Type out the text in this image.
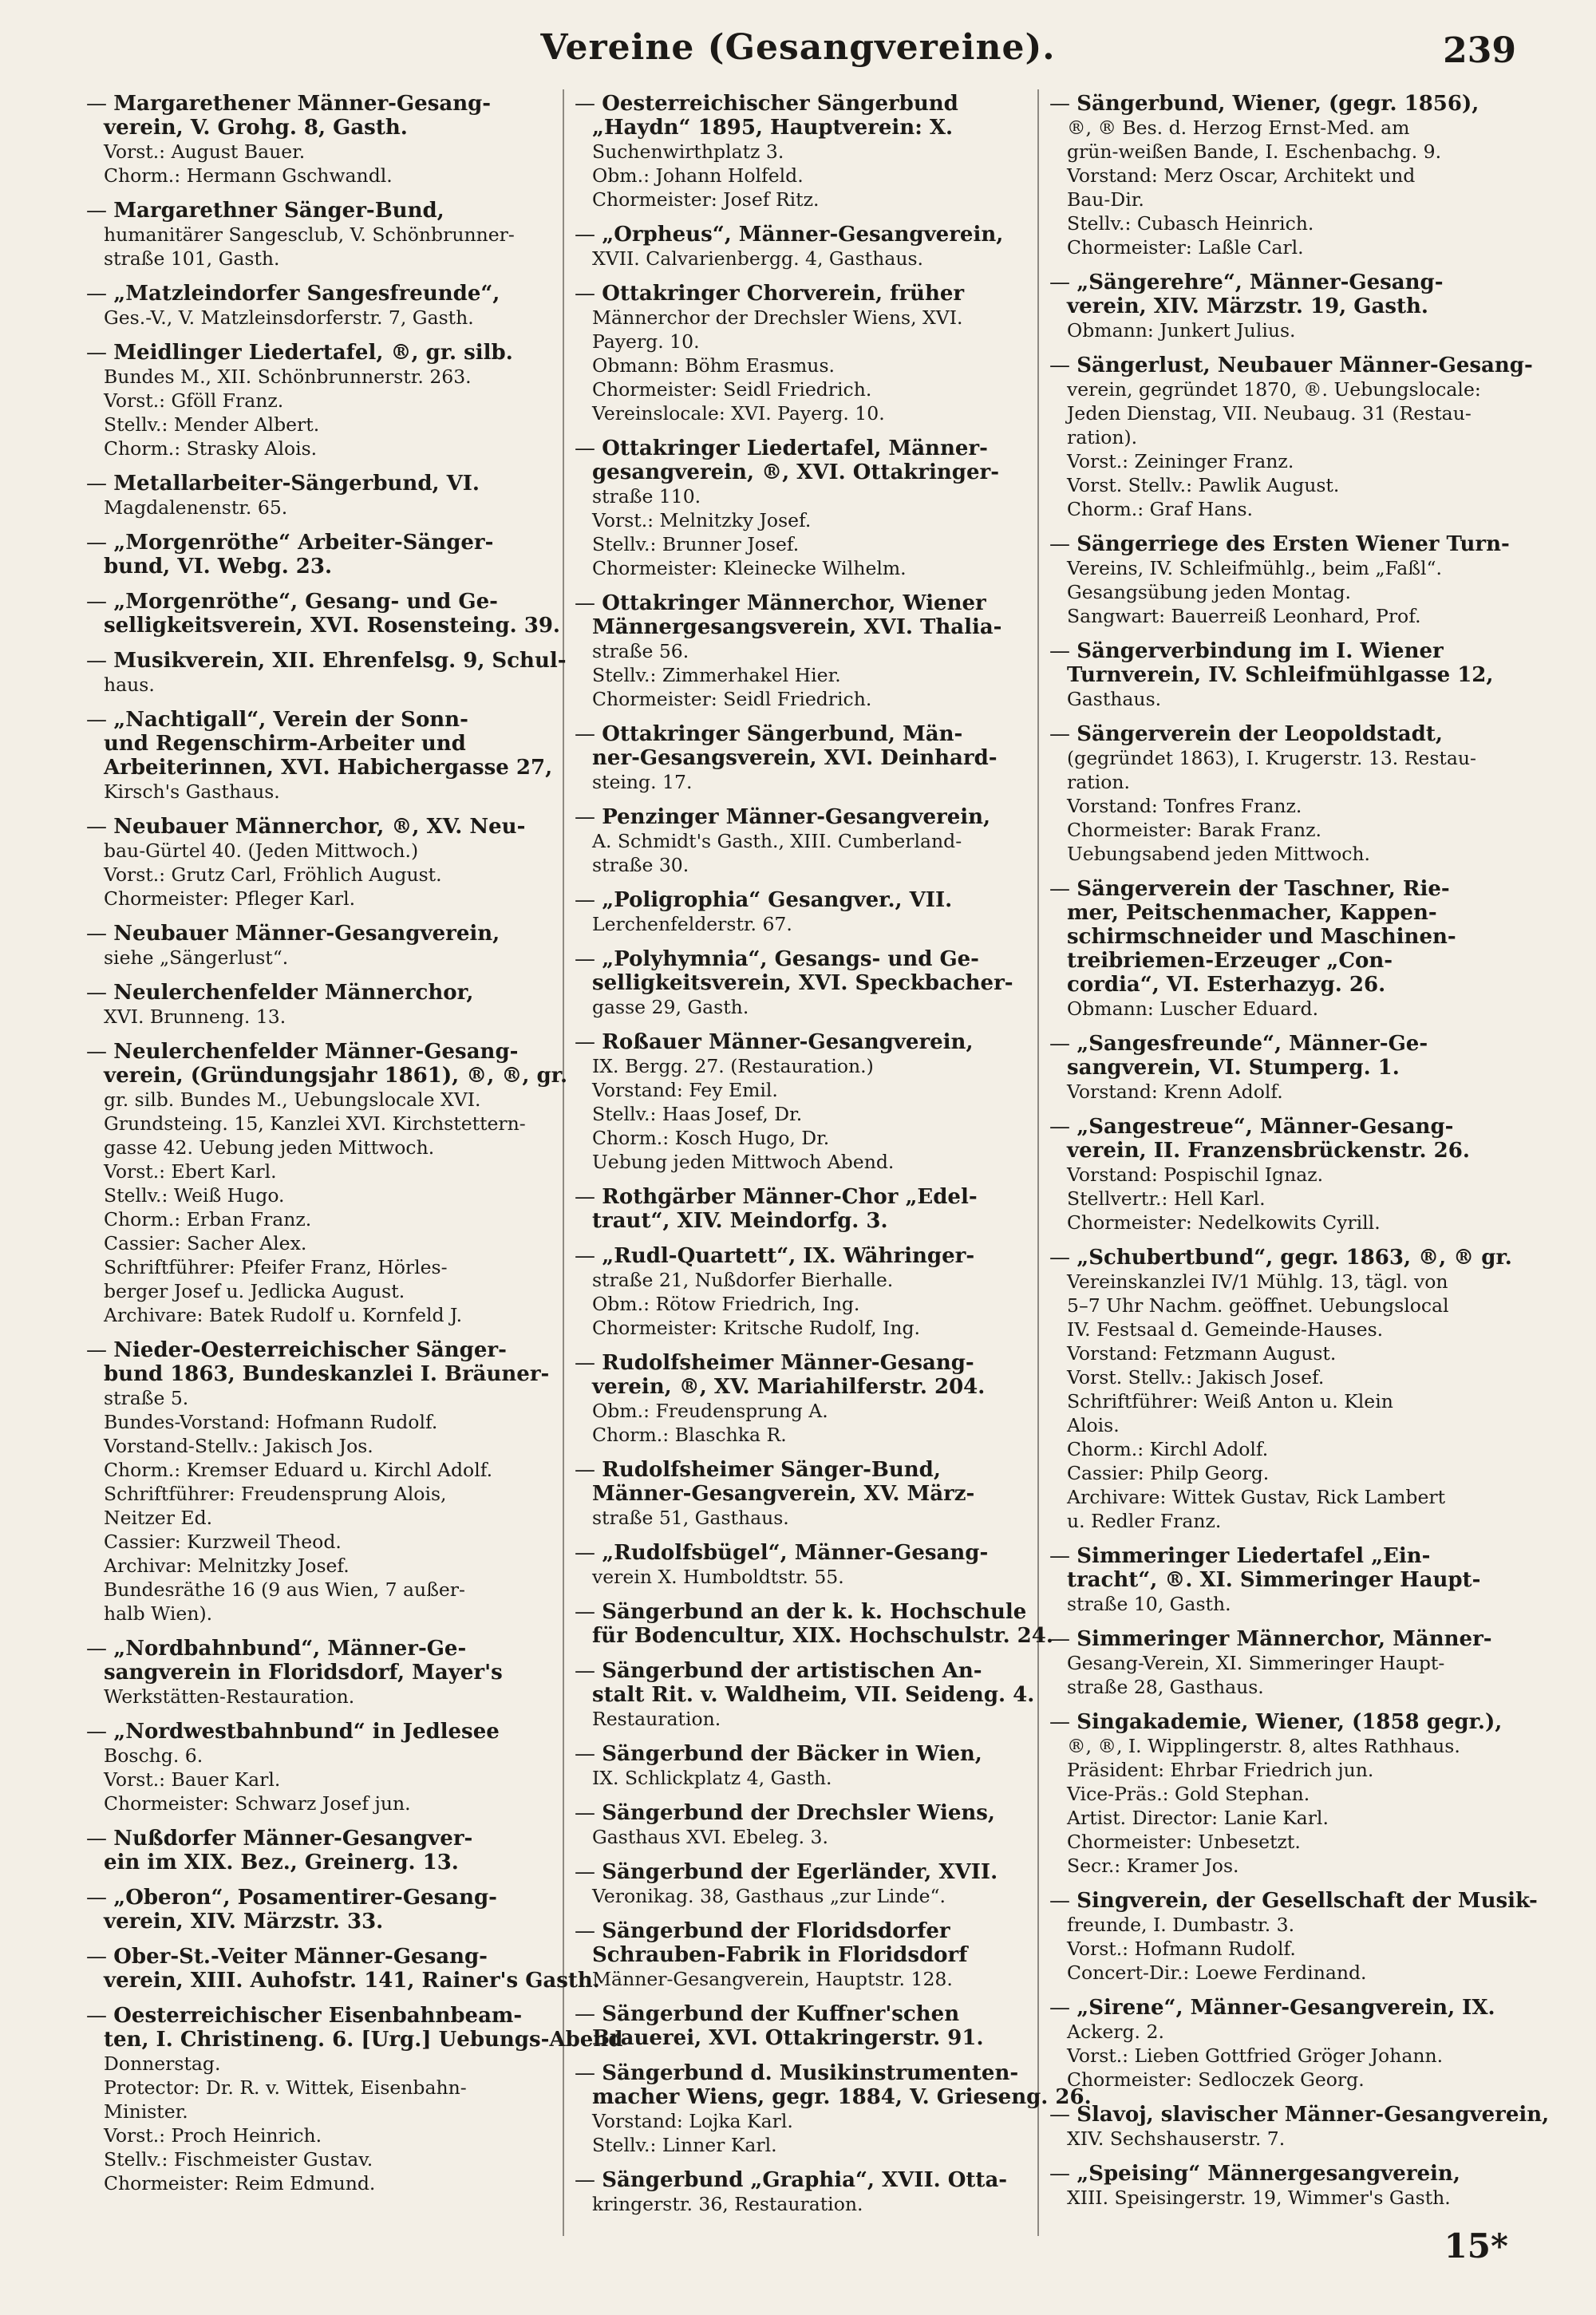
Vereine (Gesangvereine).	239
— Margarethener Männer-Gesang-
verein, V. Grohg. 8, Gasth.
Vorst.: August Bauer.
Chorm.: Hermann Gschwandl.
— Margarethner Sänger-Bund,
humanitärer Sangesclub, V. Schönbrunner-
straße 101, Gasth.
— „Matzleindorfer Sangesfreunde“,
Ges.-V., V. Matzleinsdorferstr. 7, Gasth.
— Meidlinger Liedertafel, ®, gr. silb.
Bundes M., XII. Schönbrunnerstr. 263.
Vorst.: Gföll Franz.
Stellv.: Mender Albert.
Chorm.: Strasky Alois.
— Metallarbeiter-Sängerbund, VI.
Magdalenenstr. 65.
— „Morgenröthe“ Arbeiter-Sänger-
bund, VI. Webg. 23.
— „Morgenröthe“, Gesang- und Ge-
selligkeitsverein, XVI. Rosensteing. 39.
— Musikverein, XII. Ehrenfelsg. 9, Schul-
haus.
— „Nachtigall“, Verein der Sonn-
und Regenschirm-Arbeiter und
Arbeiterinnen, XVI. Habichergasse 27,
Kirsch's Gasthaus.
— Neubauer Männerchor, ®, XV. Neu-
bau-Gürtel 40. (Jeden Mittwoch.)
Vorst.: Grutz Carl, Fröhlich August.
Chormeister: Pfleger Karl.
— Neubauer Männer-Gesangverein,
siehe „Sängerlust“.
— Neulerchenfelder Männerchor,
XVI. Brunneng. 13.
— Neulerchenfelder Männer-Gesang-
verein, (Gründungsjahr 1861), ®, ®, gr.
gr. silb. Bundes M., Uebungslocale XVI.
Grundsteing. 15, Kanzlei XVI. Kirchstettern-
gasse 42. Uebung jeden Mittwoch.
Vorst.: Ebert Karl.
Stellv.: Weiß Hugo.
Chorm.: Erban Franz.
Cassier: Sacher Alex.
Schriftführer: Pfeifer Franz, Hörles-
berger Josef u. Jedlicka August.
Archivare: Batek Rudolf u. Kornfeld J.
— Nieder-Oesterreichischer Sänger-
bund 1863, Bundeskanzlei I. Bräuner-
straße 5.
Bundes-Vorstand: Hofmann Rudolf.
Vorstand-Stellv.: Jakisch Jos.
Chorm.: Kremser Eduard u. Kirchl Adolf.
Schriftführer: Freudensprung Alois,
Neitzer Ed.
Cassier: Kurzweil Theod.
Archivar: Melnitzky Josef.
Bundesräthe 16 (9 aus Wien, 7 außer-
halb Wien).
— „Nordbahnbund“, Männer-Ge-
sangverein in Floridsdorf, Mayer's
Werkstätten-Restauration.
— „Nordwestbahnbund“ in Jedlesee
Boschg. 6.
Vorst.: Bauer Karl.
Chormeister: Schwarz Josef jun.
— Nußdorfer Männer-Gesangver-
ein im XIX. Bez., Greinerg. 13.
— „Oberon“, Posamentirer-Gesang-
verein, XIV. Märzstr. 33.
— Ober-St.-Veiter Männer-Gesang-
verein, XIII. Auhofstr. 141, Rainer's Gasth.
— Oesterreichischer Eisenbahnbeam-
ten, I. Christineng. 6. [Urg.] Uebungs-Abend
Donnerstag.
Protector: Dr. R. v. Wittek, Eisenbahn-
Minister.
Vorst.: Proch Heinrich.
Stellv.: Fischmeister Gustav.
Chormeister: Reim Edmund.
— Oesterreichischer Sängerbund
„Haydn“ 1895, Hauptverein: X.
Suchenwirthplatz 3.
Obm.: Johann Holfeld.
Chormeister: Josef Ritz.
— „Orpheus“, Männer-Gesangverein,
XVII. Calvarienbergg. 4, Gasthaus.
— Ottakringer Chorverein, früher
Männerchor der Drechsler Wiens, XVI.
Payerg. 10.
Obmann: Böhm Erasmus.
Chormeister: Seidl Friedrich.
Vereinslocale: XVI. Payerg. 10.
— Ottakringer Liedertafel, Männer-
gesangverein, ®, XVI. Ottakringer-
straße 110.
Vorst.: Melnitzky Josef.
Stellv.: Brunner Josef.
Chormeister: Kleinecke Wilhelm.
— Ottakringer Männerchor, Wiener
Männergesangsverein, XVI. Thalia-
straße 56.
Stellv.: Zimmerhakel Hier.
Chormeister: Seidl Friedrich.
— Ottakringer Sängerbund, Män-
ner-Gesangsverein, XVI. Deinhard-
steing. 17.
— Penzinger Männer-Gesangverein,
A. Schmidt's Gasth., XIII. Cumberland-
straße 30.
— „Poligrophia“ Gesangver., VII.
Lerchenfelderstr. 67.
— „Polyhymnia“, Gesangs- und Ge-
selligkeitsverein, XVI. Speckbacher-
gasse 29, Gasth.
— Roßauer Männer-Gesangverein,
IX. Bergg. 27. (Restauration.)
Vorstand: Fey Emil.
Stellv.: Haas Josef, Dr.
Chorm.: Kosch Hugo, Dr.
Uebung jeden Mittwoch Abend.
— Rothgärber Männer-Chor „Edel-
traut“, XIV. Meindorfg. 3.
— „Rudl-Quartett“, IX. Währinger-
straße 21, Nußdorfer Bierhalle.
Obm.: Rötow Friedrich, Ing.
Chormeister: Kritsche Rudolf, Ing.
— Rudolfsheimer Männer-Gesang-
verein, ®, XV. Mariahilferstr. 204.
Obm.: Freudensprung A.
Chorm.: Blaschka R.
— Rudolfsheimer Sänger-Bund,
Männer-Gesangverein, XV. März-
straße 51, Gasthaus.
— „Rudolfsbügel“, Männer-Gesang-
verein X. Humboldtstr. 55.
— Sängerbund an der k. k. Hochschule
für Bodencultur, XIX. Hochschulstr. 24.
— Sängerbund der artistischen An-
stalt Rit. v. Waldheim, VII. Seideng. 4.
Restauration.
— Sängerbund der Bäcker in Wien,
IX. Schlickplatz 4, Gasth.
— Sängerbund der Drechsler Wiens,
Gasthaus XVI. Ebeleg. 3.
— Sängerbund der Egerländer, XVII.
Veronikag. 38, Gasthaus „zur Linde“.
— Sängerbund der Floridsdorfer
Schrauben-Fabrik in Floridsdorf
Männer-Gesangverein, Hauptstr. 128.
— Sängerbund der Kuffner'schen
Brauerei, XVI. Ottakringerstr. 91.
— Sängerbund d. Musikinstrumenten-
macher Wiens, gegr. 1884, V. Grieseng. 26.
Vorstand: Lojka Karl.
Stellv.: Linner Karl.
— Sängerbund „Graphia“, XVII. Otta-
kringerstr. 36, Restauration.
— Sängerbund, Wiener, (gegr. 1856),
®, ® Bes. d. Herzog Ernst-Med. am
grün-weißen Bande, I. Eschenbachg. 9.
Vorstand: Merz Oscar, Architekt und
Bau-Dir.
Stellv.: Cubasch Heinrich.
Chormeister: Laßle Carl.
— „Sängerehre“, Männer-Gesang-
verein, XIV. Märzstr. 19, Gasth.
Obmann: Junkert Julius.
— Sängerlust, Neubauer Männer-Gesang-
verein, gegründet 1870, ®. Uebungslocale:
Jeden Dienstag, VII. Neubaug. 31 (Restau-
ration).
Vorst.: Zeininger Franz.
Vorst. Stellv.: Pawlik August.
Chorm.: Graf Hans.
— Sängerriege des Ersten Wiener Turn-
Vereins, IV. Schleifmühlg., beim „Faßl“.
Gesangsübung jeden Montag.
Sangwart: Bauerreiß Leonhard, Prof.
— Sängerverbindung im I. Wiener
Turnverein, IV. Schleifmühlgasse 12,
Gasthaus.
— Sängerverein der Leopoldstadt,
(gegründet 1863), I. Krugerstr. 13. Restau-
ration.
Vorstand: Tonfres Franz.
Chormeister: Barak Franz.
Uebungsabend jeden Mittwoch.
— Sängerverein der Taschner, Rie-
mer, Peitschenmacher, Kappen-
schirmschneider und Maschinen-
treibriemen-Erzeuger „Con-
cordia“, VI. Esterhazyg. 26.
Obmann: Luscher Eduard.
— „Sangesfreunde“, Männer-Ge-
sangverein, VI. Stumperg. 1.
Vorstand: Krenn Adolf.
— „Sangestreue“, Männer-Gesang-
verein, II. Franzensbrückenstr. 26.
Vorstand: Pospischil Ignaz.
Stellvertr.: Hell Karl.
Chormeister: Nedelkowits Cyrill.
— „Schubertbund“, gegr. 1863, ®, ® gr.
Vereinskanzlei IV/1 Mühlg. 13, tägl. von
5–7 Uhr Nachm. geöffnet. Uebungslocal
IV. Festsaal d. Gemeinde-Hauses.
Vorstand: Fetzmann August.
Vorst. Stellv.: Jakisch Josef.
Schriftführer: Weiß Anton u. Klein
Alois.
Chorm.: Kirchl Adolf.
Cassier: Philp Georg.
Archivare: Wittek Gustav, Rick Lambert
u. Redler Franz.
— Simmeringer Liedertafel „Ein-
tracht“, ®. XI. Simmeringer Haupt-
straße 10, Gasth.
— Simmeringer Männerchor, Männer-
Gesang-Verein, XI. Simmeringer Haupt-
straße 28, Gasthaus.
— Singakademie, Wiener, (1858 gegr.),
®, ®, I. Wipplingerstr. 8, altes Rathhaus.
Präsident: Ehrbar Friedrich jun.
Vice-Präs.: Gold Stephan.
Artist. Director: Lanie Karl.
Chormeister: Unbesetzt.
Secr.: Kramer Jos.
— Singverein, der Gesellschaft der Musik-
freunde, I. Dumbastr. 3.
Vorst.: Hofmann Rudolf.
Concert-Dir.: Loewe Ferdinand.
— „Sirene“, Männer-Gesangverein, IX.
Ackerg. 2.
Vorst.: Lieben Gottfried Gröger Johann.
Chormeister: Sedloczek Georg.
— Slavoj, slavischer Männer-Gesangverein,
XIV. Sechshauserstr. 7.
— „Speising“ Männergesangverein,
XIII. Speisingerstr. 19, Wimmer's Gasth.
15*
